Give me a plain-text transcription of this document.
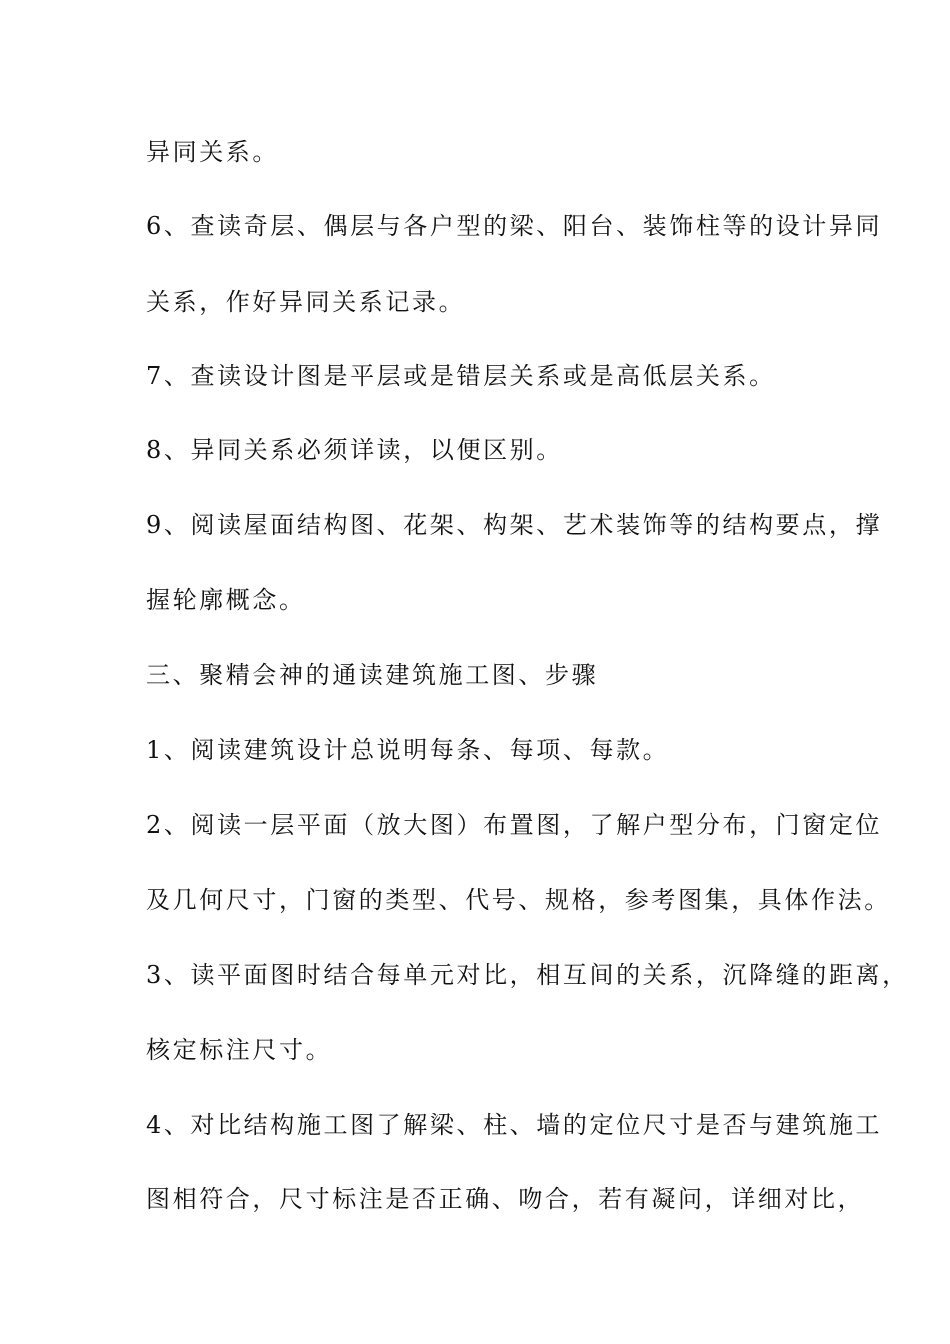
异同关系。
6、查读奇层、偶层与各户型的梁、阳台、装饰柱等的设计异同
关系，作好异同关系记录。
7、查读设计图是平层或是错层关系或是高低层关系。
8、异同关系必须详读，以便区别。
9、阅读屋面结构图、花架、构架、艺术装饰等的结构要点，撑
握轮廓概念。
三、聚精会神的通读建筑施工图、步骤
1、阅读建筑设计总说明每条、每项、每款。
2、阅读一层平面（放大图）布置图，了解户型分布，门窗定位
及几何尺寸，门窗的类型、代号、规格，参考图集，具体作法。
3、读平面图时结合每单元对比，相互间的关系，沉降缝的距离，
核定标注尺寸。
4、对比结构施工图了解梁、柱、墙的定位尺寸是否与建筑施工
图相符合，尺寸标注是否正确、吻合，若有凝问，详细对比，
